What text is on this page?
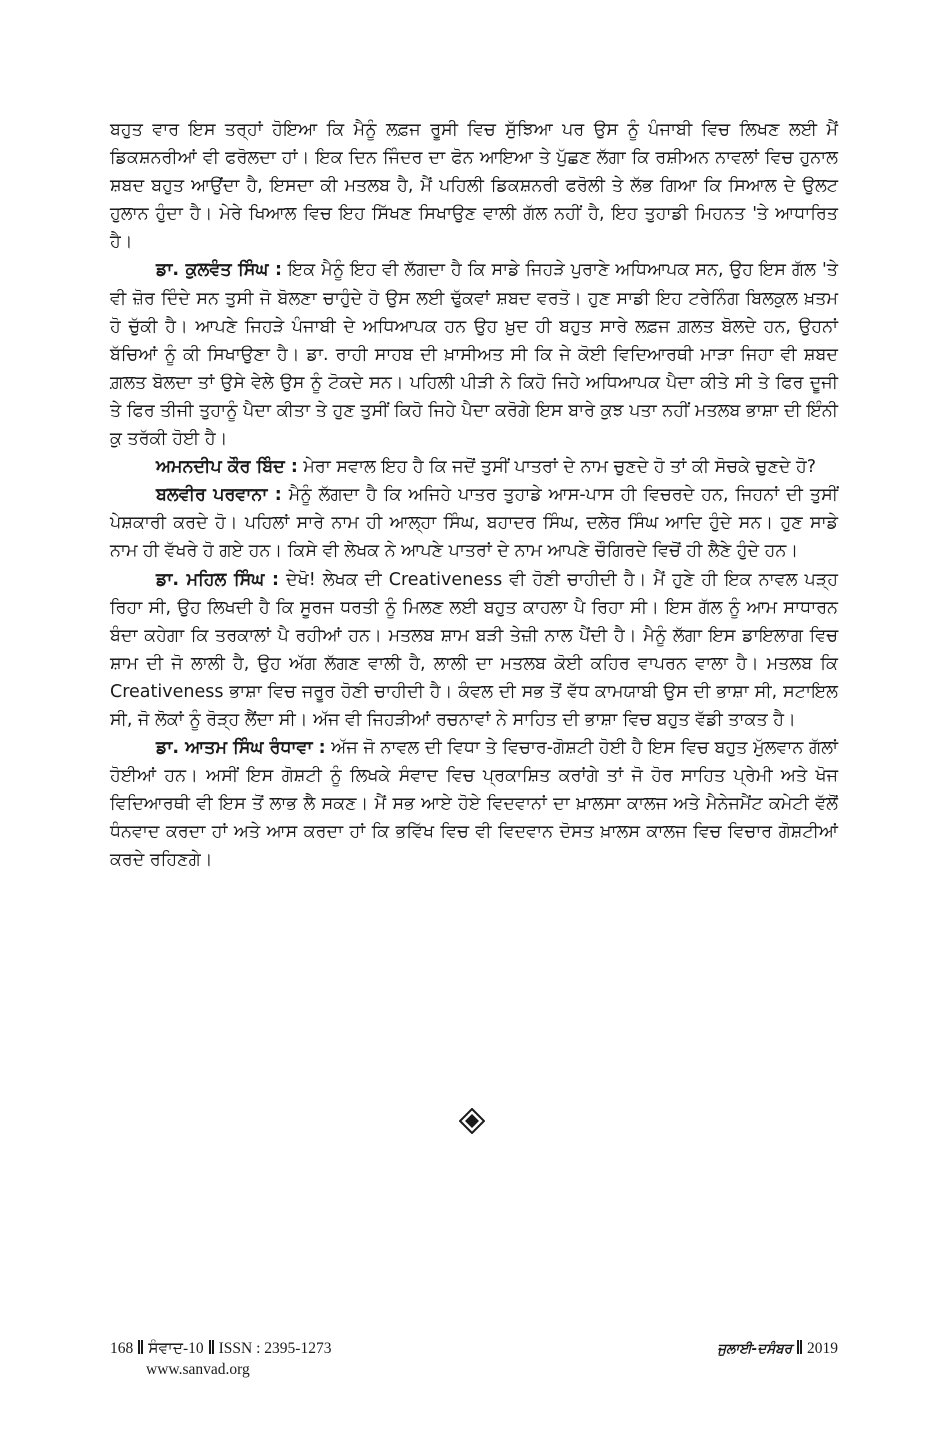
ਬਹੁਤ ਵਾਰ ਇਸ ਤਰ੍ਹਾਂ ਹੋਇਆ ਕਿ ਮੈਨੂੰ ਲਫ਼ਜ ਰੂਸੀ ਵਿਚ ਸੁੱਝਿਆ ਪਰ ਉਸ ਨੂੰ ਪੰਜਾਬੀ ਵਿਚ ਲਿਖਣ ਲਈ ਮੈਂ ਡਿਕਸ਼ਨਰੀਆਂ ਵੀ ਫਰੋਲਦਾ ਹਾਂ। ਇਕ ਦਿਨ ਜਿੰਦਰ ਦਾ ਫੋਨ ਆਇਆ ਤੇ ਪੁੱਛਣ ਲੱਗਾ ਕਿ ਰਸ਼ੀਅਨ ਨਾਵਲਾਂ ਵਿਚ ਹੁਨਾਲ ਸ਼ਬਦ ਬਹੁਤ ਆਉਂਦਾ ਹੈ, ਇਸਦਾ ਕੀ ਮਤਲਬ ਹੈ, ਮੈਂ ਪਹਿਲੀ ਡਿਕਸ਼ਨਰੀ ਫਰੋਲੀ ਤੇ ਲੱਭ ਗਿਆ ਕਿ ਸਿਆਲ ਦੇ ਉਲਟ ਹੁਲਾਨ ਹੁੰਦਾ ਹੈ। ਮੇਰੇ ਖਿਆਲ ਵਿਚ ਇਹ ਸਿੱਖਣ ਸਿਖਾਉਣ ਵਾਲੀ ਗੱਲ ਨਹੀਂ ਹੈ, ਇਹ ਤੁਹਾਡੀ ਮਿਹਨਤ 'ਤੇ ਆਧਾਰਿਤ ਹੈ।

ਡਾ. ਕੁਲਵੰਤ ਸਿੰਘ : ਇਕ ਮੈਨੂੰ ਇਹ ਵੀ ਲੱਗਦਾ ਹੈ ਕਿ ਸਾਡੇ ਜਿਹੜੇ ਪੁਰਾਣੇ ਅਧਿਆਪਕ ਸਨ, ਉਹ ਇਸ ਗੱਲ 'ਤੇ ਵੀ ਜ਼ੋਰ ਦਿੰਦੇ ਸਨ ਤੁਸੀ ਜੋ ਬੋਲਣਾ ਚਾਹੁੰਦੇ ਹੋ ਉਸ ਲਈ ਢੁੱਕਵਾਂ ਸ਼ਬਦ ਵਰਤੋ। ਹੁਣ ਸਾਡੀ ਇਹ ਟਰੇਨਿੰਗ ਬਿਲਕੁਲ ਖ਼ਤਮ ਹੋ ਚੁੱਕੀ ਹੈ। ਆਪਣੇ ਜਿਹੜੇ ਪੰਜਾਬੀ ਦੇ ਅਧਿਆਪਕ ਹਨ ਉਹ ਖ਼ੁਦ ਹੀ ਬਹੁਤ ਸਾਰੇ ਲਫ਼ਜ ਗ਼ਲਤ ਬੋਲਦੇ ਹਨ, ਉਹਨਾਂ ਬੱਚਿਆਂ ਨੂੰ ਕੀ ਸਿਖਾਉਣਾ ਹੈ। ਡਾ. ਰਾਹੀ ਸਾਹਬ ਦੀ ਖ਼ਾਸੀਅਤ ਸੀ ਕਿ ਜੇ ਕੋਈ ਵਿਦਿਆਰਥੀ ਮਾੜਾ ਜਿਹਾ ਵੀ ਸ਼ਬਦ ਗ਼ਲਤ ਬੋਲਦਾ ਤਾਂ ਉਸੇ ਵੇਲੇ ਉਸ ਨੂੰ ਟੋਕਦੇ ਸਨ। ਪਹਿਲੀ ਪੀੜੀ ਨੇ ਕਿਹੋ ਜਿਹੇ ਅਧਿਆਪਕ ਪੈਦਾ ਕੀਤੇ ਸੀ ਤੇ ਫਿਰ ਦੂਜੀ ਤੇ ਫਿਰ ਤੀਜੀ ਤੁਹਾਨੂੰ ਪੈਦਾ ਕੀਤਾ ਤੇ ਹੁਣ ਤੁਸੀਂ ਕਿਹੋ ਜਿਹੇ ਪੈਦਾ ਕਰੋਗੇ ਇਸ ਬਾਰੇ ਕੁਝ ਪਤਾ ਨਹੀਂ ਮਤਲਬ ਭਾਸ਼ਾ ਦੀ ਇੰਨੀ ਕੁ ਤਰੱਕੀ ਹੋਈ ਹੈ।

ਅਮਨਦੀਪ ਕੌਰ ਬਿੰਦ : ਮੇਰਾ ਸਵਾਲ ਇਹ ਹੈ ਕਿ ਜਦੋਂ ਤੁਸੀਂ ਪਾਤਰਾਂ ਦੇ ਨਾਮ ਚੁਣਦੇ ਹੋ ਤਾਂ ਕੀ ਸੋਚਕੇ ਚੁਣਦੇ ਹੋ?

ਬਲਵੀਰ ਪਰਵਾਨਾ : ਮੈਨੂੰ ਲੱਗਦਾ ਹੈ ਕਿ ਅਜਿਹੇ ਪਾਤਰ ਤੁਹਾਡੇ ਆਸ-ਪਾਸ ਹੀ ਵਿਚਰਦੇ ਹਨ, ਜਿਹਨਾਂ ਦੀ ਤੁਸੀਂ ਪੇਸ਼ਕਾਰੀ ਕਰਦੇ ਹੋ। ਪਹਿਲਾਂ ਸਾਰੇ ਨਾਮ ਹੀ ਆਲ੍ਹਾ ਸਿੰਘ, ਬਹਾਦਰ ਸਿੰਘ, ਦਲੇਰ ਸਿੰਘ ਆਦਿ ਹੁੰਦੇ ਸਨ। ਹੁਣ ਸਾਡੇ ਨਾਮ ਹੀ ਵੱਖਰੇ ਹੋ ਗਏ ਹਨ। ਕਿਸੇ ਵੀ ਲੇਖਕ ਨੇ ਆਪਣੇ ਪਾਤਰਾਂ ਦੇ ਨਾਮ ਆਪਣੇ ਚੌਗਿਰਦੇ ਵਿਚੋਂ ਹੀ ਲੈਣੇ ਹੁੰਦੇ ਹਨ।

ਡਾ. ਮਹਿਲ ਸਿੰਘ : ਦੇਖੋ! ਲੇਖਕ ਦੀ Creativeness ਵੀ ਹੋਣੀ ਚਾਹੀਦੀ ਹੈ। ਮੈਂ ਹੁਣੇ ਹੀ ਇਕ ਨਾਵਲ ਪੜ੍ਹ ਰਿਹਾ ਸੀ, ਉਹ ਲਿਖਦੀ ਹੈ ਕਿ ਸੂਰਜ ਧਰਤੀ ਨੂੰ ਮਿਲਣ ਲਈ ਬਹੁਤ ਕਾਹਲਾ ਪੈ ਰਿਹਾ ਸੀ। ਇਸ ਗੱਲ ਨੂੰ ਆਮ ਸਾਧਾਰਨ ਬੰਦਾ ਕਹੇਗਾ ਕਿ ਤਰਕਾਲਾਂ ਪੈ ਰਹੀਆਂ ਹਨ। ਮਤਲਬ ਸ਼ਾਮ ਬੜੀ ਤੇਜ਼ੀ ਨਾਲ ਪੈਂਦੀ ਹੈ। ਮੈਨੂੰ ਲੱਗਾ ਇਸ ਡਾਇਲਾਗ ਵਿਚ ਸ਼ਾਮ ਦੀ ਜੋ ਲਾਲੀ ਹੈ, ਉਹ ਅੱਗ ਲੱਗਣ ਵਾਲੀ ਹੈ, ਲਾਲੀ ਦਾ ਮਤਲਬ ਕੋਈ ਕਹਿਰ ਵਾਪਰਨ ਵਾਲਾ ਹੈ। ਮਤਲਬ ਕਿ Creativeness ਭਾਸ਼ਾ ਵਿਚ ਜਰੂਰ ਹੋਣੀ ਚਾਹੀਦੀ ਹੈ। ਕੰਵਲ ਦੀ ਸਭ ਤੋਂ ਵੱਧ ਕਾਮਯਾਬੀ ਉਸ ਦੀ ਭਾਸ਼ਾ ਸੀ, ਸਟਾਇਲ ਸੀ, ਜੋ ਲੋਕਾਂ ਨੂੰ ਰੋੜ੍ਹ ਲੈਂਦਾ ਸੀ। ਅੱਜ ਵੀ ਜਿਹੜੀਆਂ ਰਚਨਾਵਾਂ ਨੇ ਸਾਹਿਤ ਦੀ ਭਾਸ਼ਾ ਵਿਚ ਬਹੁਤ ਵੱਡੀ ਤਾਕਤ ਹੈ।

ਡਾ. ਆਤਮ ਸਿੰਘ ਰੰਧਾਵਾ : ਅੱਜ ਜੋ ਨਾਵਲ ਦੀ ਵਿਧਾ ਤੇ ਵਿਚਾਰ-ਗੋਸ਼ਟੀ ਹੋਈ ਹੈ ਇਸ ਵਿਚ ਬਹੁਤ ਮੁੱਲਵਾਨ ਗੱਲਾਂ ਹੋਈਆਂ ਹਨ। ਅਸੀਂ ਇਸ ਗੋਸ਼ਟੀ ਨੂੰ ਲਿਖਕੇ ਸੰਵਾਦ ਵਿਚ ਪ੍ਰਕਾਸ਼ਿਤ ਕਰਾਂਗੇ ਤਾਂ ਜੋ ਹੋਰ ਸਾਹਿਤ ਪ੍ਰੇਮੀ ਅਤੇ ਖੋਜ ਵਿਦਿਆਰਥੀ ਵੀ ਇਸ ਤੋਂ ਲਾਭ ਲੈ ਸਕਣ। ਮੈਂ ਸਭ ਆਏ ਹੋਏ ਵਿਦਵਾਨਾਂ ਦਾ ਖ਼ਾਲਸਾ ਕਾਲਜ ਅਤੇ ਮੈਨੇਜਮੈਂਟ ਕਮੇਟੀ ਵੱਲੋਂ ਧੰਨਵਾਦ ਕਰਦਾ ਹਾਂ ਅਤੇ ਆਸ ਕਰਦਾ ਹਾਂ ਕਿ ਭਵਿੱਖ ਵਿਚ ਵੀ ਵਿਦਵਾਨ ਦੋਸਤ ਖ਼ਾਲਸ ਕਾਲਜ ਵਿਚ ਵਿਚਾਰ ਗੋਸ਼ਟੀਆਂ ਕਰਦੇ ਰਹਿਣਗੇ।

168 ਸੰਵਾਦ-10 ISSN : 2395-1273	ਜੁਲਾਈ-ਦਸੰਬਰ 2019
www.sanvad.org
